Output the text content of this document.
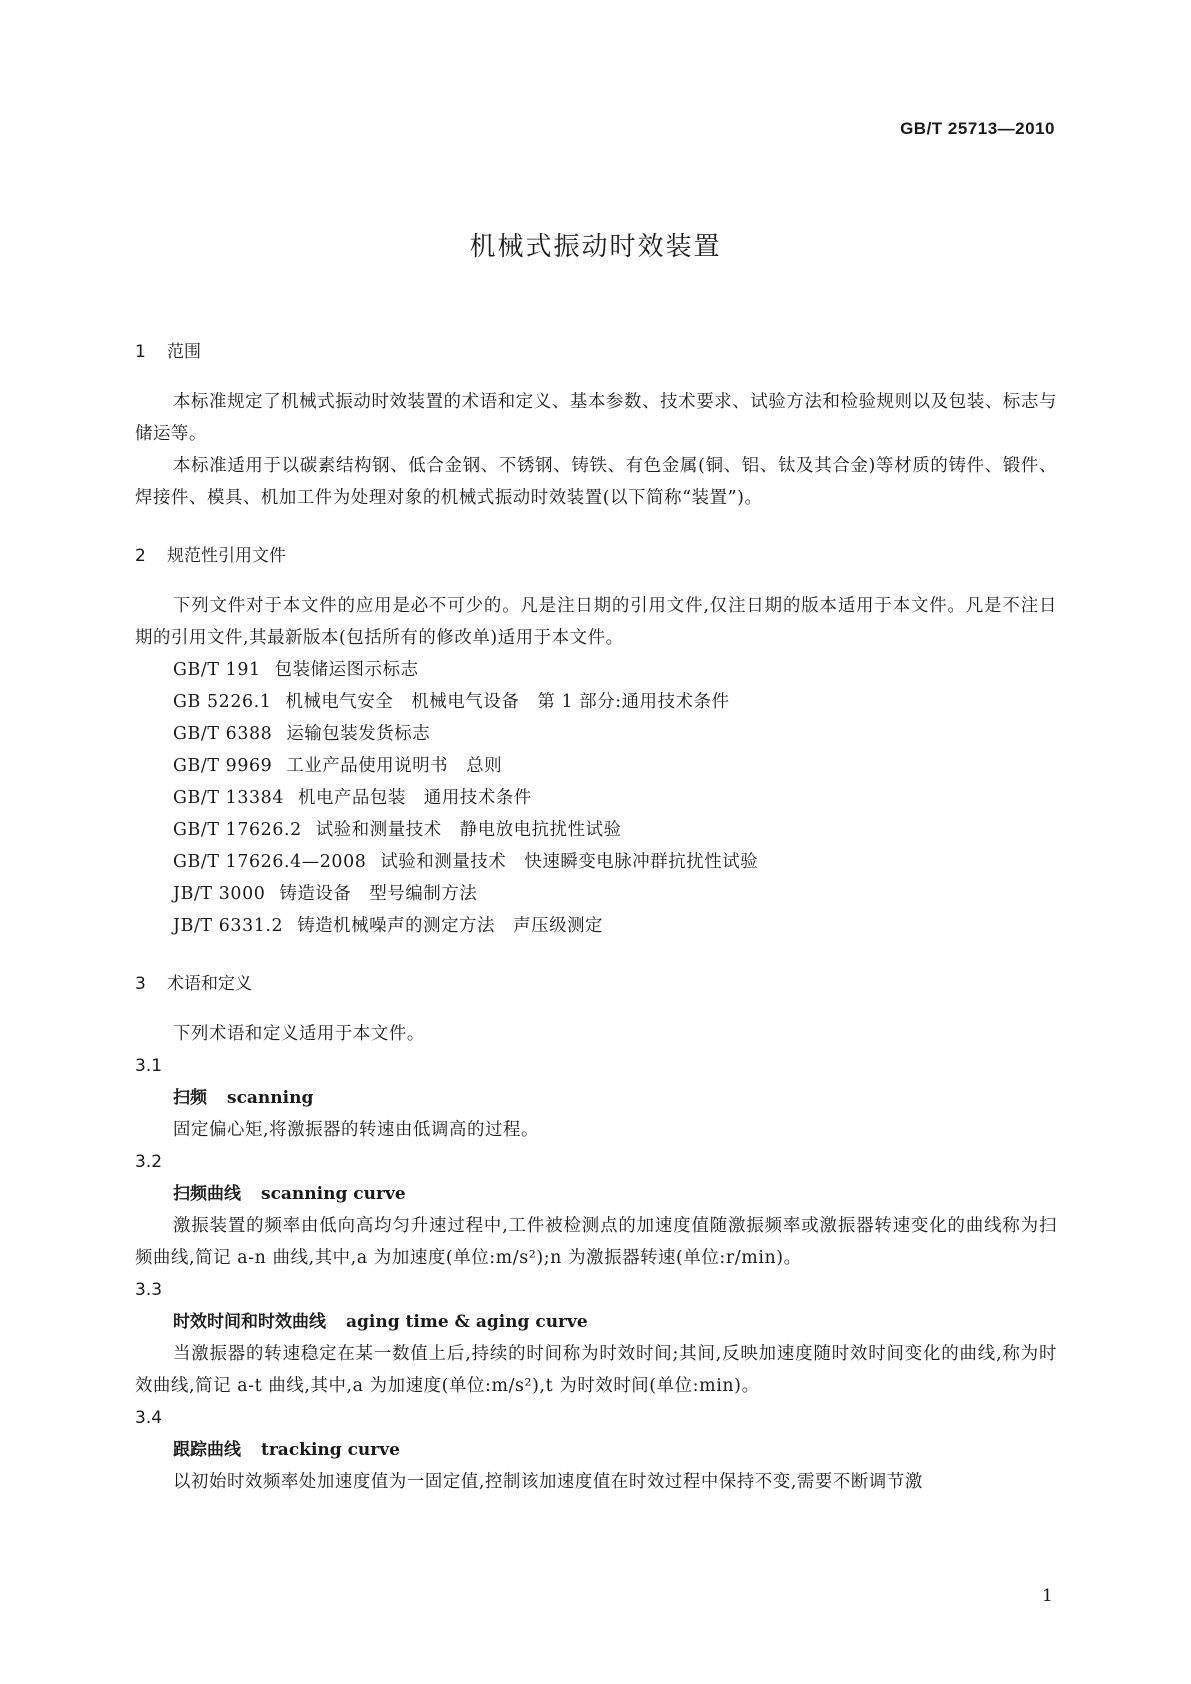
GB/T 25713—2010
机械式振动时效装置
1 范围

本标准规定了机械式振动时效装置的术语和定义、基本参数、技术要求、试验方法和检验规则以及包装、标志与储运等。

本标准适用于以碳素结构钢、低合金钢、不锈钢、铸铁、有色金属(铜、铝、钛及其合金)等材质的铸件、锻件、焊接件、模具、机加工件为处理对象的机械式振动时效装置(以下简称“装置”)。

2 规范性引用文件

下列文件对于本文件的应用是必不可少的。凡是注日期的引用文件,仅注日期的版本适用于本文件。凡是不注日期的引用文件,其最新版本(包括所有的修改单)适用于本文件。

GB/T 191 包装储运图示标志

GB 5226.1 机械电气安全　机械电气设备　第 1 部分:通用技术条件

GB/T 6388 运输包装发货标志

GB/T 9969 工业产品使用说明书　总则

GB/T 13384 机电产品包装　通用技术条件

GB/T 17626.2 试验和测量技术　静电放电抗扰性试验

GB/T 17626.4—2008 试验和测量技术　快速瞬变电脉冲群抗扰性试验

JB/T 3000 铸造设备　型号编制方法

JB/T 6331.2 铸造机械噪声的测定方法　声压级测定

3 术语和定义

下列术语和定义适用于本文件。

3.1

扫频 scanning

固定偏心矩,将激振器的转速由低调高的过程。

3.2

扫频曲线 scanning curve

激振装置的频率由低向高均匀升速过程中,工件被检测点的加速度值随激振频率或激振器转速变化的曲线称为扫频曲线,简记 a-n 曲线,其中,a 为加速度(单位:m/s²);n 为激振器转速(单位:r/min)。

3.3

时效时间和时效曲线 aging time & aging curve

当激振器的转速稳定在某一数值上后,持续的时间称为时效时间;其间,反映加速度随时效时间变化的曲线,称为时效曲线,简记 a-t 曲线,其中,a 为加速度(单位:m/s²),t 为时效时间(单位:min)。

3.4

跟踪曲线 tracking curve

以初始时效频率处加速度值为一固定值,控制该加速度值在时效过程中保持不变,需要不断调节激

1
